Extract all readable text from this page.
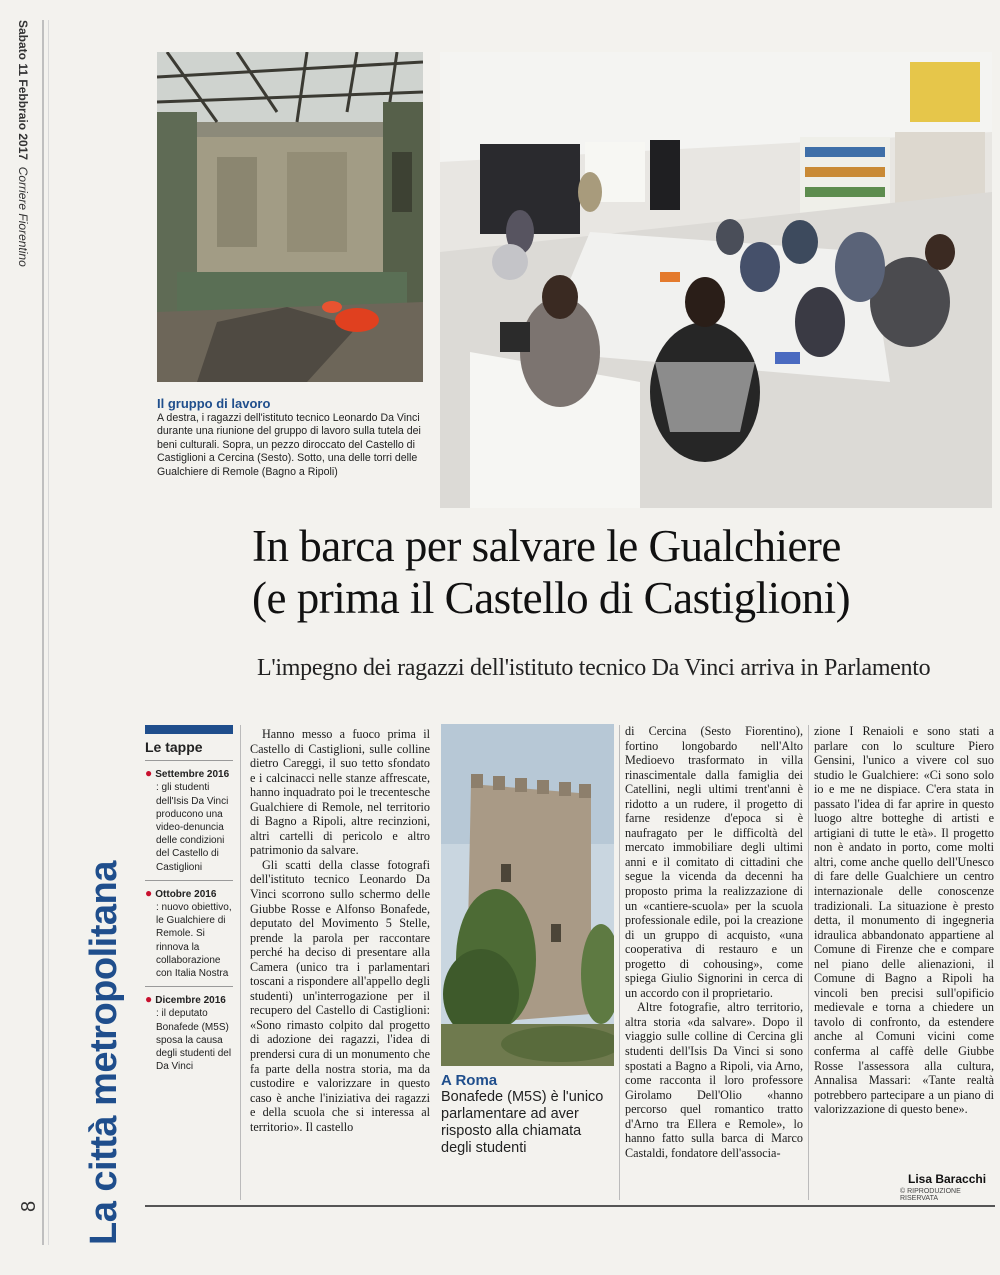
Sabato 11 Febbraio 2017  Corriere Fiorentino
La città metropolitana
8
Il gruppo di lavoro
A destra, i ragazzi dell'istituto tecnico Leonardo Da Vinci durante una riunione del gruppo di lavoro sulla tutela dei beni culturali. Sopra, un pezzo diroccato del Castello di Castiglioni a Cercina (Sesto). Sotto, una delle torri delle Gualchiere di Remole (Bagno a Ripoli)
In barca per salvare le Gualchiere
(e prima il Castello di Castiglioni)
L'impegno dei ragazzi dell'istituto tecnico Da Vinci arriva in Parlamento
Le tappe
● Settembre 2016
: gli studenti dell'Isis Da Vinci producono una video-denuncia delle condizioni del Castello di Castiglioni
● Ottobre 2016
: nuovo obiettivo, le Gualchiere di Remole. Si rinnova la collaborazione con Italia Nostra
● Dicembre 2016
: il deputato Bonafede (M5S) sposa la causa degli studenti del Da Vinci

Hanno messo a fuoco prima il Castello di Castiglioni, sulle colline dietro Careggi, il suo tetto sfondato e i calcinacci nelle stanze affrescate, hanno inquadrato poi le trecentesche Gualchiere di Remole, nel territorio di Bagno a Ripoli, altre recinzioni, altri cartelli di pericolo e altro patrimonio da salvare.

Gli scatti della classe fotografi dell'istituto tecnico Leonardo Da Vinci scorrono sullo schermo delle Giubbe Rosse e Alfonso Bonafede, deputato del Movimento 5 Stelle, prende la parola per raccontare perché ha deciso di presentare alla Camera (unico tra i parlamentari toscani a rispondere all'appello degli studenti) un'interrogazione per il recupero del Castello di Castiglioni: «Sono rimasto colpito dal progetto di adozione dei ragazzi, l'idea di prendersi cura di un monumento che fa parte della nostra storia, ma da custodire e valorizzare in questo caso è anche l'iniziativa dei ragazzi e della scuola che si interessa al territorio». Il castello

A Roma
Bonafede (M5S) è l'unico parlamentare ad aver risposto alla chiamata degli studenti

di Cercina (Sesto Fiorentino), fortino longobardo nell'Alto Medioevo trasformato in villa rinascimentale dalla famiglia dei Catellini, negli ultimi trent'anni è ridotto a un rudere, il progetto di farne residenze d'epoca si è naufragato per le difficoltà del mercato immobiliare degli ultimi anni e il comitato di cittadini che segue la vicenda da decenni ha proposto prima la realizzazione di un «cantiere-scuola» per la scuola professionale edile, poi la creazione di un gruppo di acquisto, «una cooperativa di restauro e un progetto di cohousing», come spiega Giulio Signorini in cerca di un accordo con il proprietario.

Altre fotografie, altro territorio, altra storia «da salvare». Dopo il viaggio sulle colline di Cercina gli studenti dell'Isis Da Vinci si sono spostati a Bagno a Ripoli, via Arno, come racconta il loro professore Girolamo Dell'Olio «hanno percorso quel romantico tratto d'Arno tra Ellera e Remole», lo hanno fatto sulla barca di Marco Castaldi, fondatore dell'associa-

zione I Renaioli e sono stati a parlare con lo sculture Piero Gensini, l'unico a vivere col suo studio le Gualchiere: «Ci sono solo io e me ne dispiace. C'era stata in passato l'idea di far aprire in questo luogo altre botteghe di artisti e artigiani di tutte le età». Il progetto non è andato in porto, come molti altri, come anche quello dell'Unesco di fare delle Gualchiere un centro internazionale delle conoscenze tradizionali. La situazione è presto detta, il monumento di ingegneria idraulica abbandonato appartiene al Comune di Firenze che e compare nel piano delle alienazioni, il Comune di Bagno a Ripoli ha vincoli ben precisi sull'opificio medievale e torna a chiedere un tavolo di confronto, da estendere anche al Comuni vicini come conferma al caffè delle Giubbe Rosse l'assessora alla cultura, Annalisa Massari: «Tante realtà potrebbero partecipare a un piano di valorizzazione di questo bene».

Lisa Baracchi
© RIPRODUZIONE RISERVATA
